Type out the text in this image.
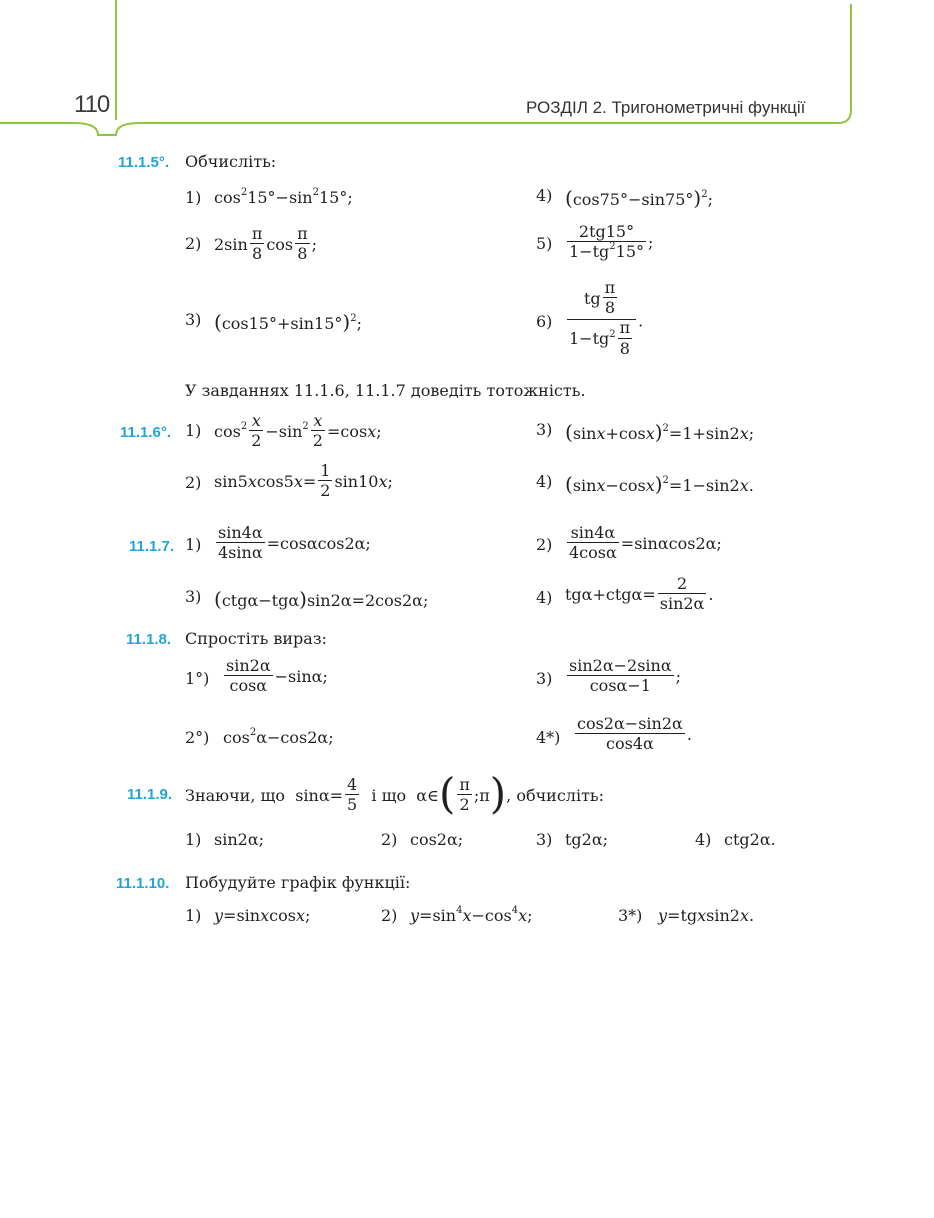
110	РОЗДІЛ 2. Тригонометричні функції
11.1.5°. Обчисліть:
1) $\cos^215^\circ-\sin^215^\circ$;	4) $(\cos 75^\circ-\sin 75^\circ)^2$;
2) $2\sin \frac{\pi}{8}$ $\cos \frac{\pi}{8}$ ;	$5) \frac{2tg15^\circ}{1-tg^215^\circ}$ ;
3) $(\cos 15^\circ+\sin 15^\circ)^2$;	$6) \frac{tg \frac{\pi}{8}}{1-tg^2 \frac{\pi}{8}}$ .
У завданнях 11.1.6, 11.1.7 доведіть тотожність.
11.1.6°. 1) $\cos^2 \frac{x}{2} -\sin^2 \frac{x}{2} =\cos x$;	3) $(\sin x+\cos x)^2=1+\sin 2x$;
2) $\sin 5xcos5x= \frac{1}{2} \sin 10x$;	4) $(\sin x-\cos x)^2=1-\sin 2x$.
11.1.7. $1) \frac{\sin 4\alpha}{4\sin\alpha} =\cos\alpha\cos 2\alpha$;	$2) \frac{\sin 4\alpha}{4\cos\alpha} =\sin\alpha\cos 2\alpha$;
3) (ctgα−tgα)sin2α=2cos2α;	4) $tg\alpha+ctg\alpha= \frac{2}{\sin 2\alpha}$ .
11.1.8. Спростіть вираз:
$1^\circ) \frac{\sin 2\alpha}{\cos\alpha} -\sin\alpha$;	$3) \frac{\sin 2\alpha-2\sin\alpha}{\cos\alpha-1}$ ;
2°) $\cos^2\alpha-\cos 2\alpha$;	$4*) \frac{\cos 2\alpha-\sin 2\alpha}{\cos 4\alpha}$ .
11.1.9. Знаючи, що  $\sin\alpha= \frac{4}{5}$ і що  α∈( $\frac{\pi}{2}$ ;π), обчисліть:
1) sin2α;	2) cos2α;	3) tg2α;	4) ctg2α.
11.1.10. Побудуйте графік функції:
1) y=sinxcosx;	2) $y=\sin^4x-\cos^4x$;	3*) y=tgxsin2x.
